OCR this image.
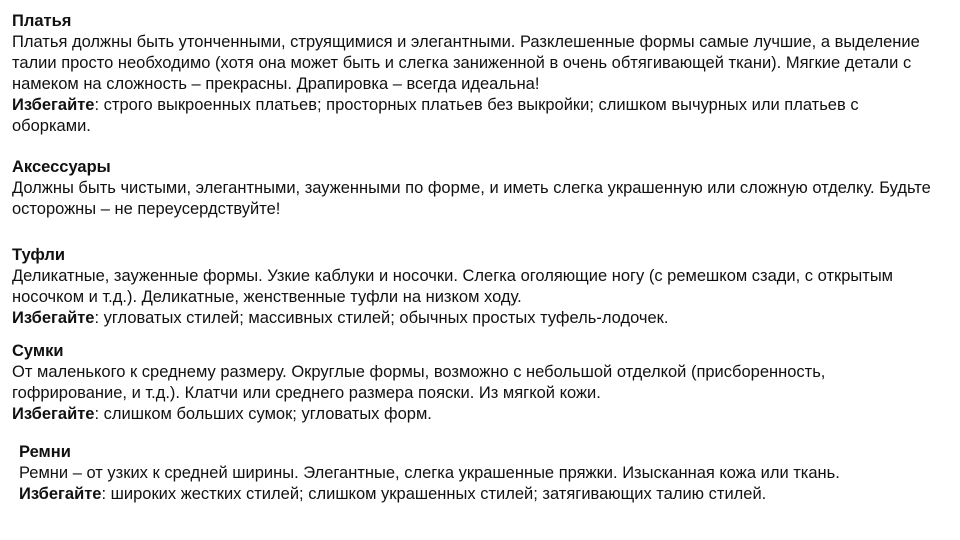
Платья

Платья должны быть утонченными, струящимися и элегантными. Разклешенные формы самые лучшие, а выделение талии просто необходимо (хотя она может быть и слегка заниженной в очень обтягивающей ткани). Мягкие детали с намеком на сложность – прекрасны. Драпировка – всегда идеальна!

Избегайте: строго выкроенных платьев; просторных платьев без выкройки; слишком вычурных или платьев с оборками.

Аксессуары

Должны быть чистыми, элегантными, зауженными по форме, и иметь слегка украшенную или сложную отделку. Будьте осторожны – не переусердствуйте!

Туфли

Деликатные, зауженные формы. Узкие каблуки и носочки. Слегка оголяющие ногу (с ремешком сзади, с открытым носочком и т.д.). Деликатные, женственные туфли на низком ходу.

Избегайте: угловатых стилей; массивных стилей; обычных простых туфель-лодочек.

Сумки

От маленького к среднему размеру. Округлые формы, возможно с небольшой отделкой (присборенность, гофрирование, и т.д.). Клатчи или среднего размера пояски. Из мягкой кожи.

Избегайте: слишком больших сумок; угловатых форм.

Ремни

Ремни – от узких к средней ширины. Элегантные, слегка украшенные пряжки. Изысканная кожа или ткань.

Избегайте: широких жестких стилей; слишком украшенных стилей; затягивающих талию стилей.
